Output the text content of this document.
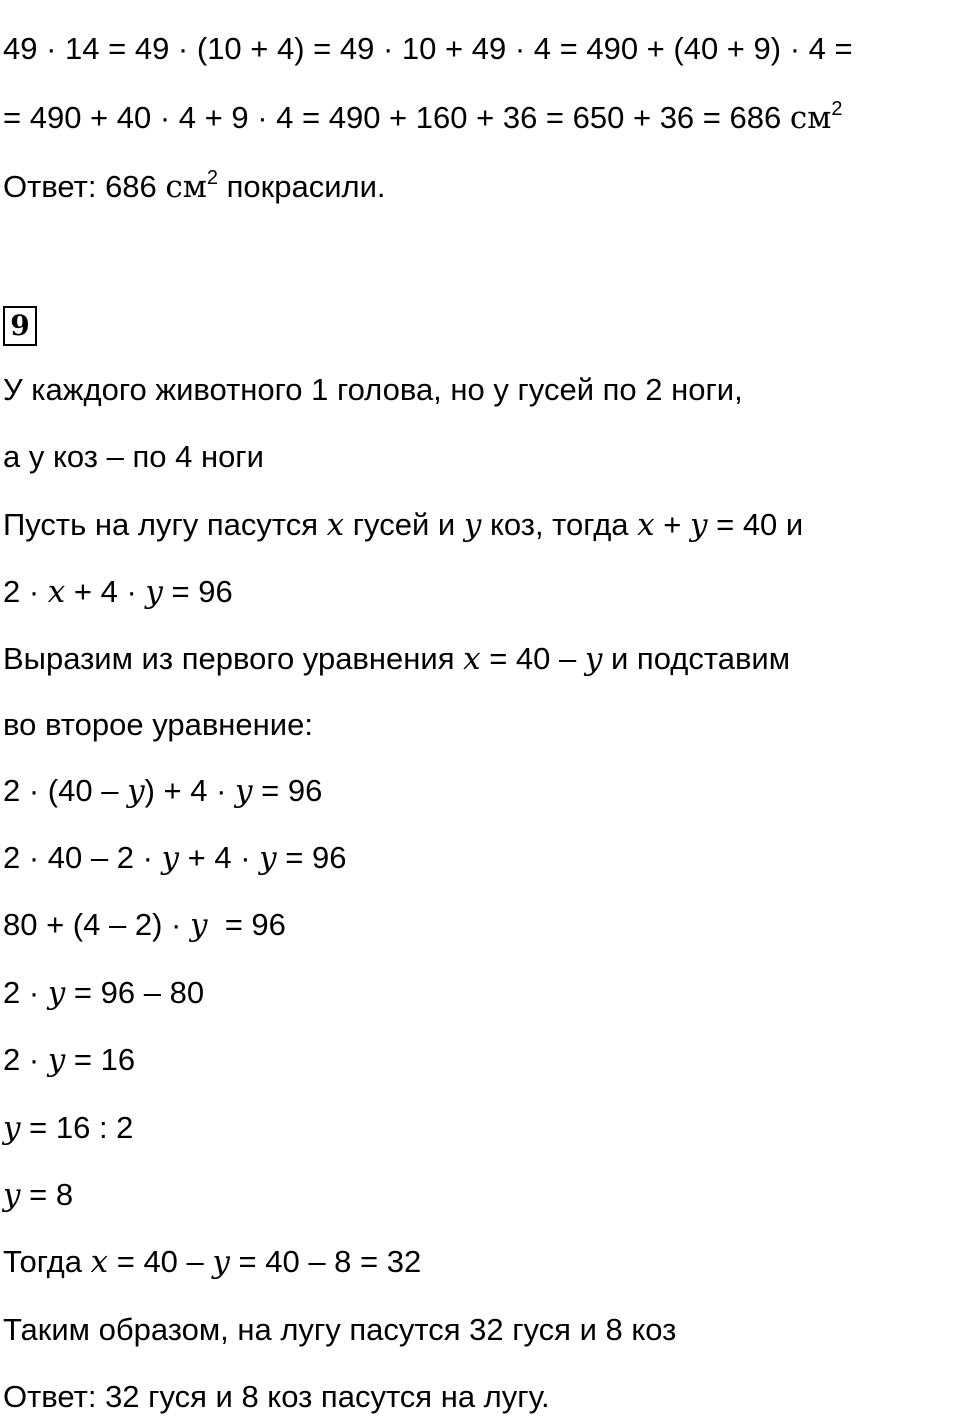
49 · 14 = 49 · (10 + 4) = 49 · 10 + 49 · 4 = 490 + (40 + 9) · 4 =
= 490 + 40 · 4 + 9 · 4 = 490 + 160 + 36 = 650 + 36 = 686 $см^2$
Ответ: 686 $см^2$ покрасили.
9
У каждого животного 1 голова, но у гусей по 2 ноги,
а у коз – по 4 ноги
Пусть на лугу пасутся x гусей и y коз, тогда x + y = 40 и
2 · x + 4 · y = 96
Выразим из первого уравнения x = 40 – y и подставим
во второе уравнение:
2 · (40 – y) + 4 · y = 96
2 · 40 – 2 · y + 4 · y = 96
80 + (4 – 2) · y  = 96
2 · y = 96 – 80
2 · y = 16
y = 16 : 2
y = 8
Тогда x = 40 – y = 40 – 8 = 32
Таким образом, на лугу пасутся 32 гуся и 8 коз
Ответ: 32 гуся и 8 коз пасутся на лугу.
